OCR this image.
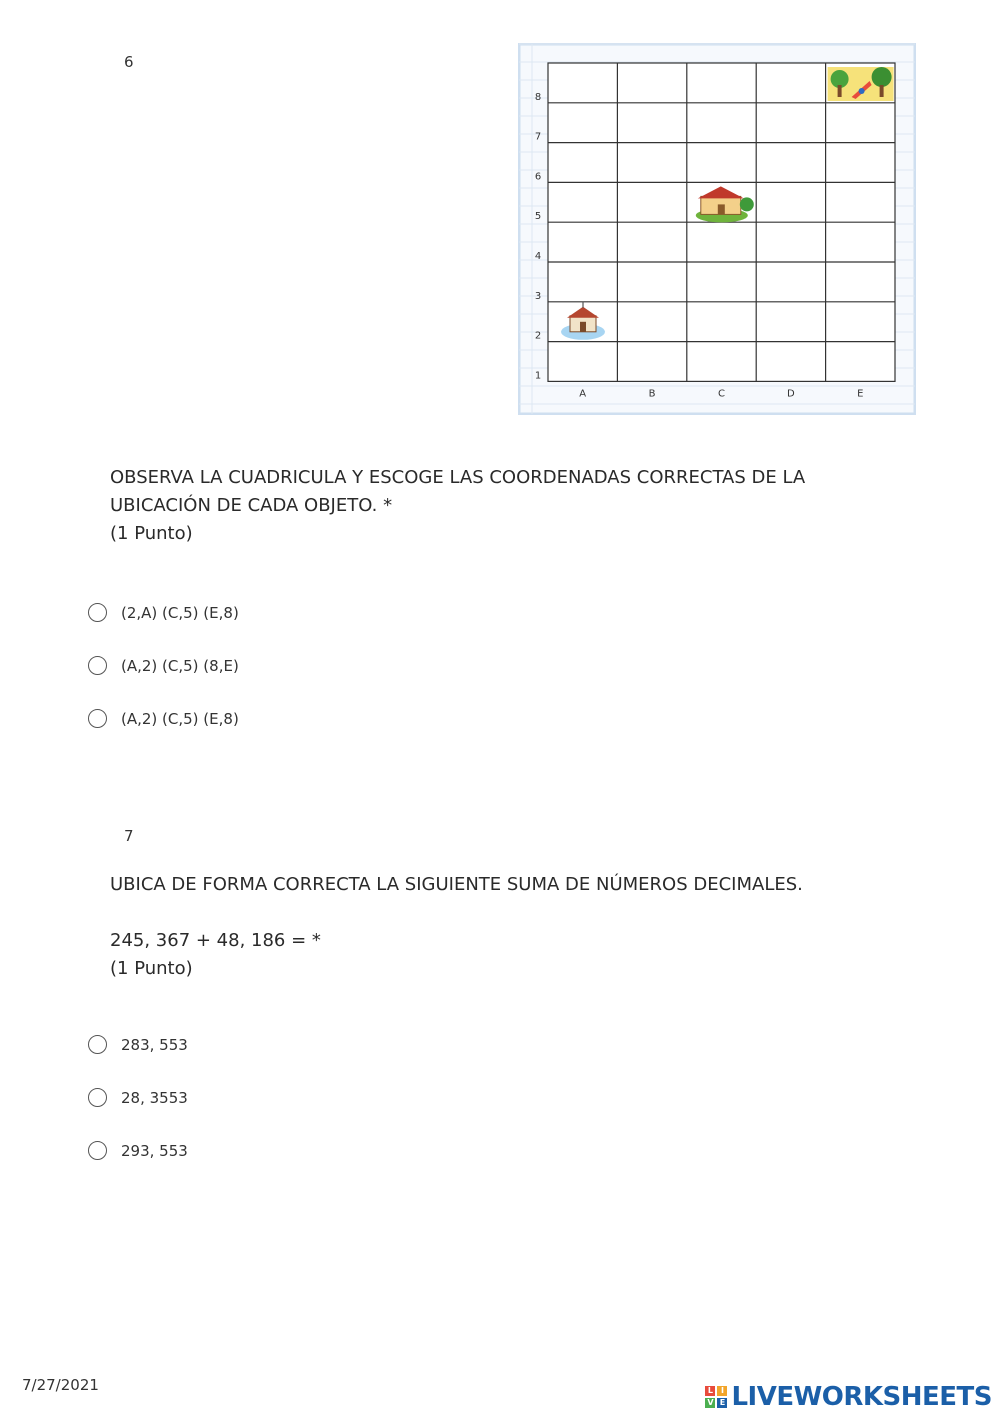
6
A	B	C	D	E
1
2
3
4
5
6
7
8
OBSERVA LA CUADRICULA Y ESCOGE LAS COORDENADAS CORRECTAS DE LA
UBICACIÓN DE CADA OBJETO. *
(1 Punto)
(2,A) (C,5) (E,8)
(A,2) (C,5) (8,E)
(A,2) (C,5) (E,8)
7
UBICA DE FORMA CORRECTA LA SIGUIENTE SUMA DE NÚMEROS DECIMALES.
245, 367 + 48, 186 = *
(1 Punto)
283, 553
28, 3553
293, 553
7/27/2021	L I
V E LIVEWORKSHEETS
